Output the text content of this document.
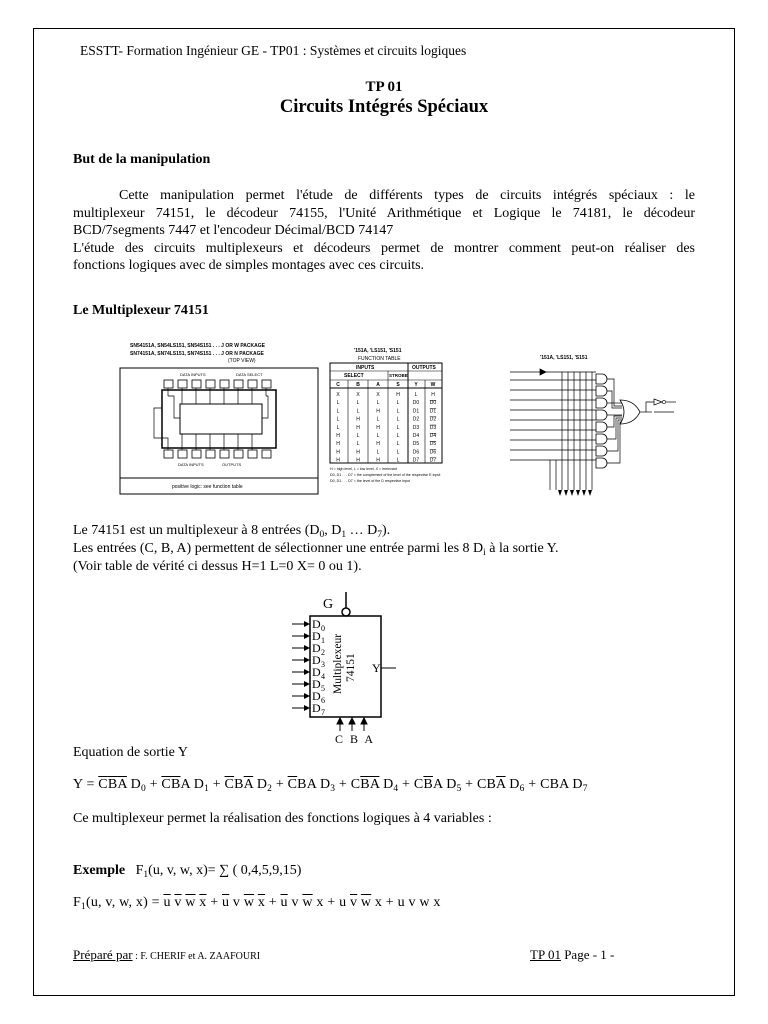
ESSTT- Formation Ingénieur GE - TP01 : Systèmes et circuits logiques
TP 01
Circuits Intégrés Spéciaux
But de la manipulation
Cette manipulation permet l'étude de différents types de circuits intégrés spéciaux : le
multiplexeur 74151, le décodeur 74155, l'Unité Arithmétique et Logique le 74181, le décodeur
BCD/7segments 7447 et l'encodeur Décimal/BCD 74147
L'étude des circuits multiplexeurs et décodeurs permet de montrer comment peut-on réaliser des
fonctions logiques avec de simples montages avec ces circuits.
Le Multiplexeur 74151
SN54151A, SN54LS151, SN54S151 . . . J OR W PACKAGE
SN74151A, SN74LS151, SN74S151 . . . J OR N PACKAGE
(TOP VIEW)
DATA INPUTS	DATA SELECT
DATA INPUTS	OUTPUTS
positive logic: see function table
'151A, 'LS151, 'S151
FUNCTION TABLE
INPUTS	OUTPUTS
SELECT	STROBE
C	B	A	S	Y	W
X	X	X	H	L	H
L	L	L	L	D0 D0
L	L	H	L	D1 D1
L	H	L	L	D2 D2
L	H	H	L	D3 D3
H	L	L	L	D4 D4
H	L	H	L	D5 D5
H	H	L	L	D6 D6
H	H	H	L	D7 D7
H = high level, L = low level, X = irrelevant
D0, D1 . . . D7 = the complement of the level of the respective E input
D0, D1 . . . D7 = the level of the D respective input
'151A, 'LS151, 'S151
Le 74151 est un multiplexeur à 8 entrées ($D_0$, $D_1$ … $D_7$).
Les entrées (C, B, A) permettent de sélectionner une entrée parmi les 8 $D_i$ à la sortie Y.
(Voir table de vérité ci dessus H=1 L=0 X= 0 ou 1).
G
D 0
D 1
D 2
D 3
D 4
D 5
D 6
D 7
Multiplexeur 74151 Y
C B A
Equation de sortie Y
$Y = \overline{C}\overline{B}\overline{A}$ $D_0 + \overline{C}\overline{B}A$ $D_1 + \overline{C}B\overline{A}$ $D_2 + \overline{C}BA$ $D_3 + C\overline{B}\overline{A}$ $D_4 + C\overline{B}A$ $D_5 + CB\overline{A}$ $D_6$ + CBA $D_7$
Ce multiplexeur permet la réalisation des fonctions logiques à 4 variables :
Exemple $F_1(u$, v, w, x)= ∑ ( 0,4,5,9,15)
$F_1(u$, v, w, $x) = \overline{u}$ $\overline{v}$ $\overline{w}$ $\overline{x} + \overline{u}$ v $\overline{w}$ $\overline{x} + \overline{u}$ v $\overline{w}$ x + u $\overline{v}$ $\overline{w}$ x + u v w x
Préparé par : F. CHERIF et A. ZAAFOURI	TP 01 Page - 1 -
